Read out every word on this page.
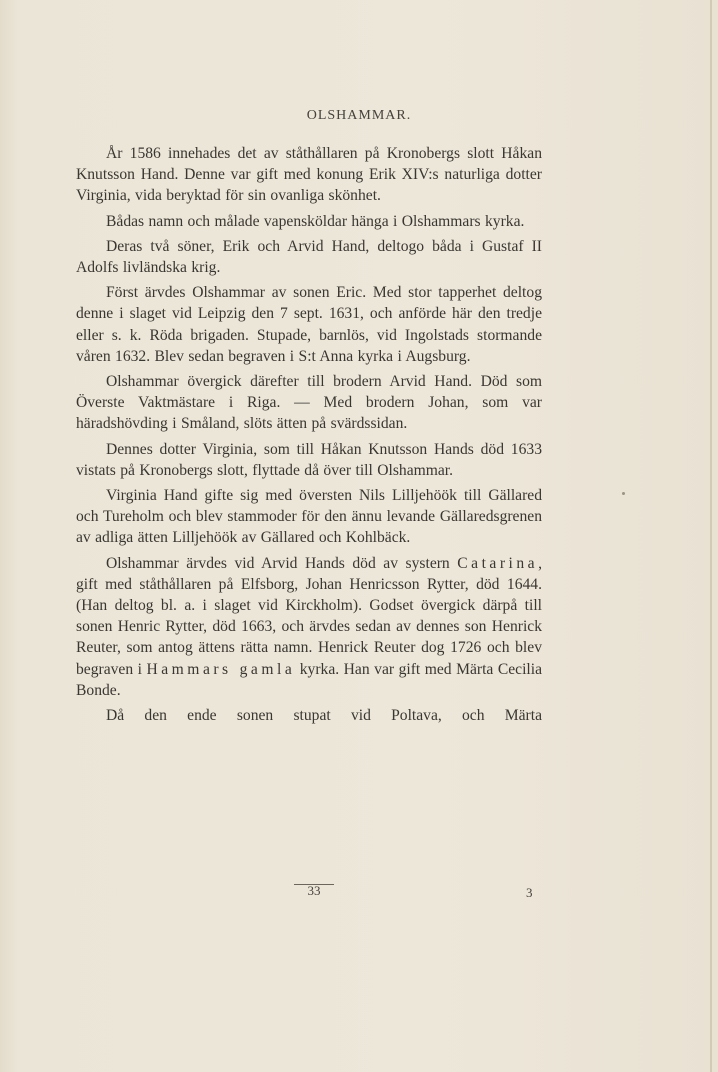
OLSHAMMAR.

År 1586 innehades det av ståthållaren på Kronobergs slott Håkan Knutsson Hand. Denne var gift med konung Erik XIV:s naturliga dotter Virginia, vida beryktad för sin ovanliga skönhet.

Bådas namn och målade vapensköldar hänga i Olshammars kyrka.

Deras två söner, Erik och Arvid Hand, deltogo båda i Gustaf II Adolfs livländska krig.

Först ärvdes Olshammar av sonen Eric. Med stor tapperhet deltog denne i slaget vid Leipzig den 7 sept. 1631, och anförde här den tredje eller s. k. Röda brigaden. Stupade, barnlös, vid Ingolstads stormande våren 1632. Blev sedan begraven i S:t Anna kyrka i Augsburg.

Olshammar övergick därefter till brodern Arvid Hand. Död som Överste Vaktmästare i Riga. — Med brodern Johan, som var häradshövding i Småland, slöts ätten på svärdssidan.

Dennes dotter Virginia, som till Håkan Knutsson Hands död 1633 vistats på Kronobergs slott, flyttade då över till Olshammar.

Virginia Hand gifte sig med översten Nils Lilljehöök till Gällared och Tureholm och blev stammoder för den ännu levande Gällaredsgrenen av adliga ätten Lilljehöök av Gällared och Kohlbäck.

Olshammar ärvdes vid Arvid Hands död av systern Catarina, gift med ståthållaren på Elfsborg, Johan Henricsson Rytter, död 1644. (Han deltog bl. a. i slaget vid Kirckholm). Godset övergick därpå till sonen Henric Rytter, död 1663, och ärvdes sedan av dennes son Henrick Reuter, som antog ättens rätta namn. Henrick Reuter dog 1726 och blev begraven i Hammars gamla kyrka. Han var gift med Märta Cecilia Bonde.

Då den ende sonen stupat vid Poltava, och Märta

33	3
